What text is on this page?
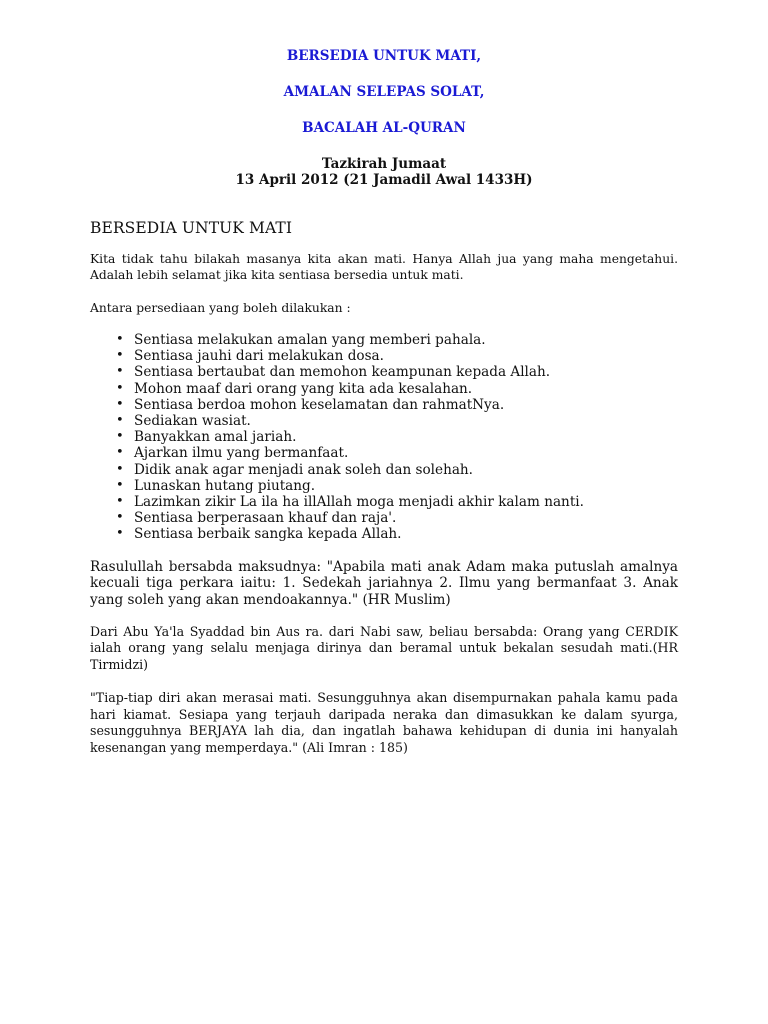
BERSEDIA UNTUK MATI,
AMALAN SELEPAS SOLAT,
BACALAH AL-QURAN
Tazkirah Jumaat
13 April 2012 (21 Jamadil Awal 1433H)
BERSEDIA UNTUK MATI

Kita tidak tahu bilakah masanya kita akan mati. Hanya Allah jua yang maha mengetahui. Adalah lebih selamat jika kita sentiasa bersedia untuk mati.

Antara persediaan yang boleh dilakukan :

• Sentiasa melakukan amalan yang memberi pahala.
• Sentiasa jauhi dari melakukan dosa.
• Sentiasa bertaubat dan memohon keampunan kepada Allah.
• Mohon maaf dari orang yang kita ada kesalahan.
• Sentiasa berdoa mohon keselamatan dan rahmatNya.
• Sediakan wasiat.
• Banyakkan amal jariah.
• Ajarkan ilmu yang bermanfaat.
• Didik anak agar menjadi anak soleh dan solehah.
• Lunaskan hutang piutang.
• Lazimkan zikir La ila ha illAllah moga menjadi akhir kalam nanti.
• Sentiasa berperasaan khauf dan raja'.
• Sentiasa berbaik sangka kepada Allah.

Rasulullah bersabda maksudnya: "Apabila mati anak Adam maka putuslah amalnya kecuali tiga perkara iaitu: 1. Sedekah jariahnya 2. Ilmu yang bermanfaat 3. Anak yang soleh yang akan mendoakannya." (HR Muslim)

Dari Abu Ya'la Syaddad bin Aus ra. dari Nabi saw, beliau bersabda: Orang yang CERDIK ialah orang yang selalu menjaga dirinya dan beramal untuk bekalan sesudah mati.(HR Tirmidzi)

"Tiap-tiap diri akan merasai mati. Sesungguhnya akan disempurnakan pahala kamu pada hari kiamat. Sesiapa yang terjauh daripada neraka dan dimasukkan ke dalam syurga, sesungguhnya BERJAYA lah dia, dan ingatlah bahawa kehidupan di dunia ini hanyalah kesenangan yang memperdaya." (Ali Imran : 185)
